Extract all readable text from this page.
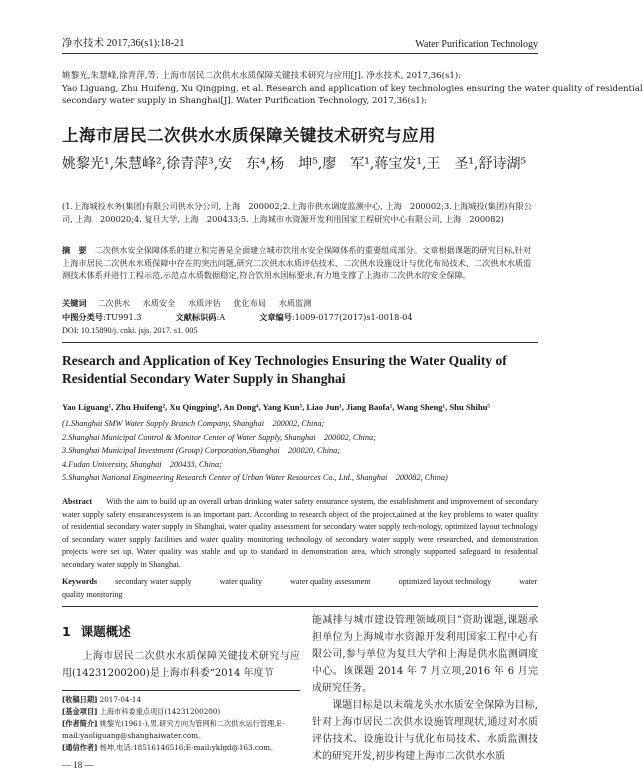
净水技术 2017,36(s1):18-21	Water Purification Technology
姚黎光,朱慧峰,徐青萍,等. 上海市居民二次供水水质保障关键技术研究与应用[J]. 净水技术, 2017,36(s1):
Yao Liguang, Zhu Huifeng, Xu Qingping, et al. Research and application of key technologies ensuring the water quality of residential
secondary water supply in Shanghai[J]. Water Purification Technology, 2017,36(s1):
上海市居民二次供水水质保障关键技术研究与应用
姚黎光¹,朱慧峰²,徐青萍³,安　东⁴,杨　坤⁵,廖　军¹,蒋宝发¹,王　圣¹,舒诗湖⁵
(1.上海城投水务(集团)有限公司供水分公司, 上海　200002;2.上海市供水调度监测中心, 上海　200002;3.上海城投(集团)有限公司, 上海　200020;4. 复旦大学, 上海　200433;5. 上海城市水资源开发利用国家工程研究中心有限公司, 上海　200082)
摘　要 二次供水安全保障体系的建立和完善是全面建立城市饮用水安全保障体系的重要组成部分。文章根据课题的研究目标,针对上海市居民二次供水水质保障中存在的突出问题,研究二次供水水质评估技术、二次供水设施设计与优化布局技术、二次供水水质监测技术体系并进行工程示范,示范点水质数据稳定,符合饮用水国标要求,有力地支撑了上海市二次供水的安全保障。
关键词 二次供水 水质安全 水质评估 优化布局 水质监测
中图分类号:TU991.3	文献标识码:A	文章编号:1009-0177(2017)s1-0018-04
DOI: 10.15890/j. cnki. jsjs. 2017. s1. 005
Research and Application of Key Technologies Ensuring the Water Quality of Residential Secondary Water Supply in Shanghai
Yao Liguang¹, Zhu Huifeng², Xu Qingping³, An Dong⁴, Yang Kun⁵, Liao Jun¹, Jiang Baofa¹, Wang Sheng¹, Shu Shihu⁵
(1.Shanghai SMW Water Supply Branch Company, Shanghai　200002, China;
2.Shanghai Municipal Control & Monitor Center of Water Supply, Shanghai　200002, China;
3.Shanghai Municipal Investment (Group) Corporation,Shanghai　200020, China;
4.Fudan University, Shanghai　200433, China;
5.Shanghai National Engineering Research Center of Urban Water Resources Co., Ltd., Shanghai　200082, China)
Abstract With the aim to build up an overall urban drinking water safety ensurance system, the establishment and improvement of secondary water supply safety ensurancesystem is an important part. According to research object of the project,aimed at the key problems to water quality of residential secondary water supply in Shanghai, water quality assessment for secondary water supply tech-nology, optimized layout technology of secondary water supply facilities and water quality monitoring technology of secondary water supply were researched, and demonstration projects were set up. Water quality was stable and up to standard in demonstration area, which strongly supported safeguard to residential secondary water supply in Shanghai.
Keywords secondary water supply	water quality	water quality assessment	optimized layout technology	water quality monitoring
1 课题概述
上海市居民二次供水水质保障关键技术研究与应用(14231200200)是上海市科委“2014 年度节
能减排与城市建设管理领域项目”资助课题,课题承担单位为上海城市水资源开发利用国家工程中心有限公司,参与单位为复旦大学和上海是供水监测调度中心。该课题 2014 年 7 月立项,2016 年 6 月完成研究任务。
课题目标是以末端龙头水水质安全保障为目标,针对上海市居民二次供水设施管理现状,通过对水质评估技术、设施设计与优化布局技术、水质监测技术的研究开发,初步构建上海市二次供水水质
[收稿日期] 2017-04-14
[基金项目] 上海市科委重点项目(14231200200)
[作者简介] 姚黎光(1961-),男,研究方向为管网和二次供水运行管理,E-mail:yaoliguang@shanghaiwater.com。
[通信作者] 杨坤,电话:18516146516;E-mail:yklgd@163.com。
— 18 —
